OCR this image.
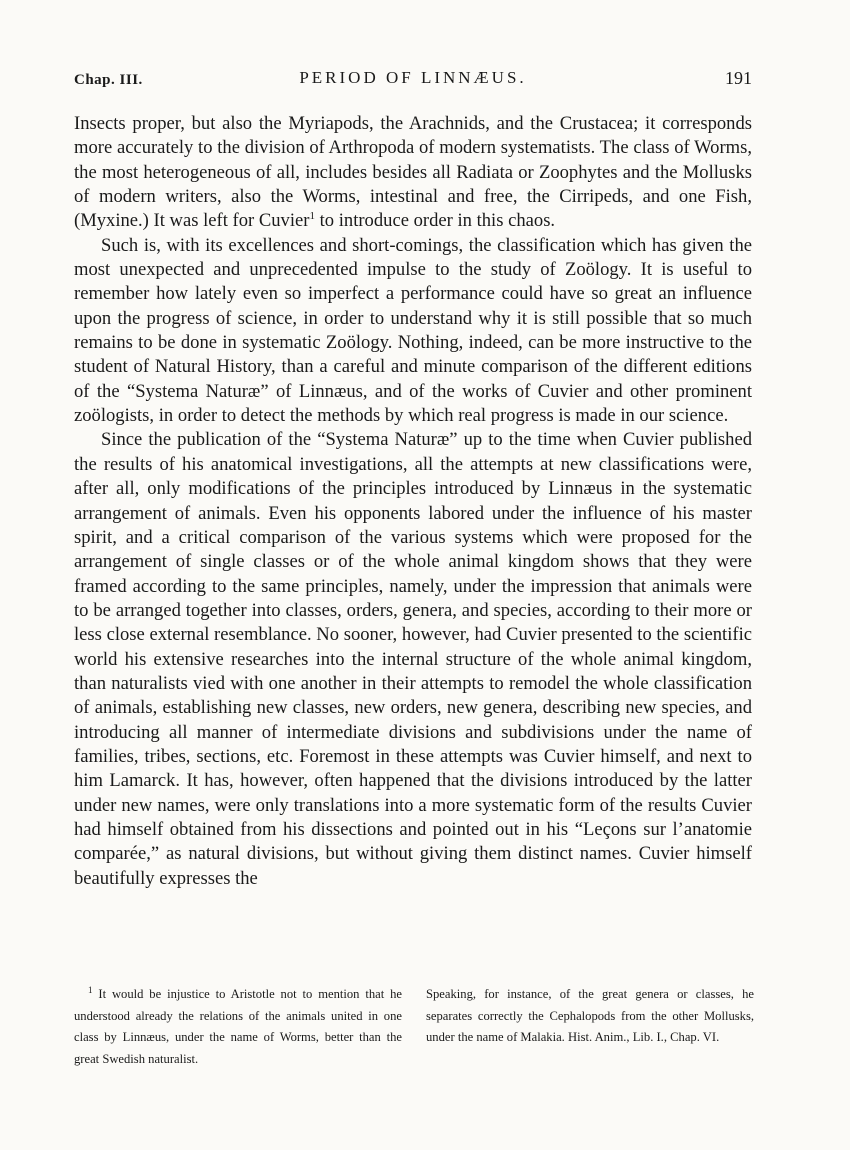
Chap. III.	PERIOD OF LINNÆUS.	191

Insects proper, but also the Myriapods, the Arachnids, and the Crustacea; it corresponds more accurately to the division of Arthropoda of modern systematists. The class of Worms, the most heterogeneous of all, includes besides all Radiata or Zoophytes and the Mollusks of modern writers, also the Worms, intestinal and free, the Cirripeds, and one Fish, (Myxine.) It was left for Cuvier$^1$ to introduce order in this chaos.

Such is, with its excellences and short-comings, the classification which has given the most unexpected and unprecedented impulse to the study of Zoölogy. It is useful to remember how lately even so imperfect a performance could have so great an influence upon the progress of science, in order to understand why it is still possible that so much remains to be done in systematic Zoölogy. Nothing, indeed, can be more instructive to the student of Natural History, than a careful and minute comparison of the different editions of the “Systema Naturæ” of Linnæus, and of the works of Cuvier and other prominent zoölogists, in order to detect the methods by which real progress is made in our science.

Since the publication of the “Systema Naturæ” up to the time when Cuvier published the results of his anatomical investigations, all the attempts at new classifications were, after all, only modifications of the principles introduced by Linnæus in the systematic arrangement of animals. Even his opponents labored under the influence of his master spirit, and a critical comparison of the various systems which were proposed for the arrangement of single classes or of the whole animal kingdom shows that they were framed according to the same principles, namely, under the impression that animals were to be arranged together into classes, orders, genera, and species, according to their more or less close external resemblance. No sooner, however, had Cuvier presented to the scientific world his extensive researches into the internal structure of the whole animal kingdom, than naturalists vied with one another in their attempts to remodel the whole classification of animals, establishing new classes, new orders, new genera, describing new species, and introducing all manner of intermediate divisions and subdivisions under the name of families, tribes, sections, etc. Foremost in these attempts was Cuvier himself, and next to him Lamarck. It has, however, often happened that the divisions introduced by the latter under new names, were only translations into a more systematic form of the results Cuvier had himself obtained from his dissections and pointed out in his “Leçons sur l’anatomie comparée,” as natural divisions, but without giving them distinct names. Cuvier himself beautifully expresses the

$^1$ It would be injustice to Aristotle not to mention that he understood already the relations of the animals united in one class by Linnæus, under the name of Worms, better than the great Swedish naturalist.
Speaking, for instance, of the great genera or classes, he separates correctly the Cephalopods from the other Mollusks, under the name of Malakia. Hist. Anim., Lib. I., Chap. VI.
